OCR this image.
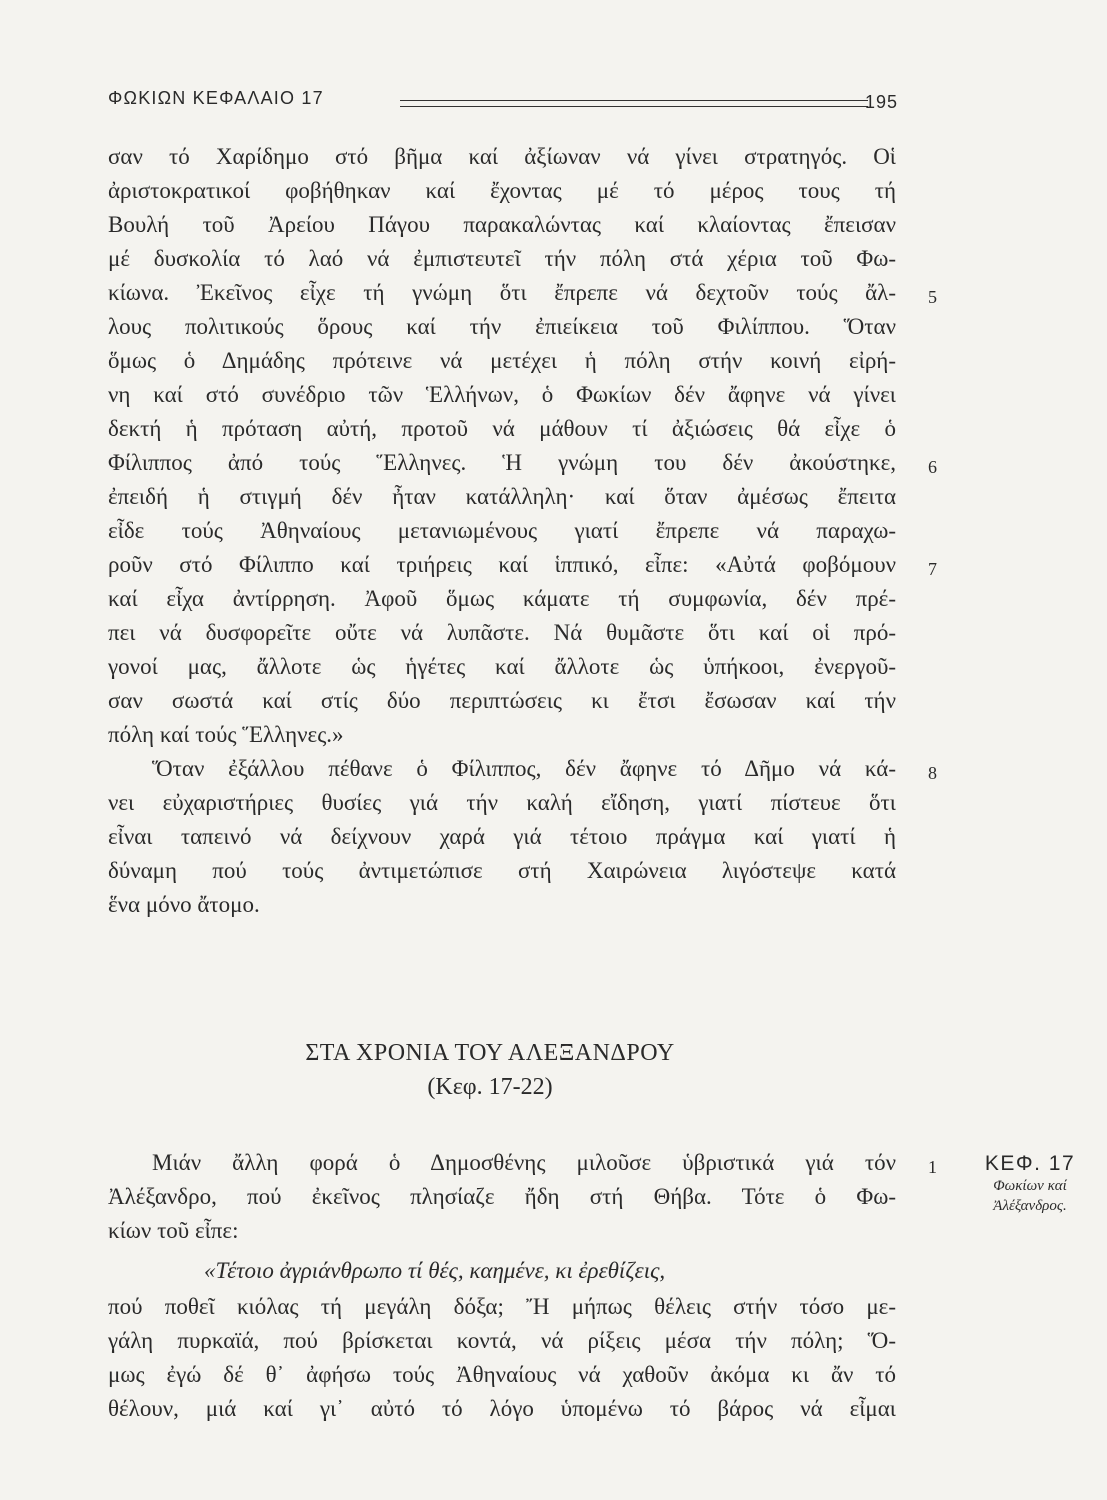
ΦΩΚΙΩΝ ΚΕΦΑΛΑΙΟ 17	195
σαν τό Χαρίδημο στό βῆμα καί ἀξίωναν νά γίνει στρατηγός. Οἱ
ἀριστοκρατικοί φοβήθηκαν καί ἔχοντας μέ τό μέρος τους τή
Βουλή τοῦ Ἀρείου Πάγου παρακαλώντας καί κλαίοντας ἔπεισαν
μέ δυσκολία τό λαό νά ἐμπιστευτεῖ τήν πόλη στά χέρια τοῦ Φω-
κίωνα. Ἐκεῖνος εἶχε τή γνώμη ὅτι ἔπρεπε νά δεχτοῦν τούς ἄλ-
λους πολιτικούς ὅρους καί τήν ἐπιείκεια τοῦ Φιλίππου. Ὅταν
ὅμως ὁ Δημάδης πρότεινε νά μετέχει ἡ πόλη στήν κοινή εἰρή-
νη καί στό συνέδριο τῶν Ἑλλήνων, ὁ Φωκίων δέν ἄφηνε νά γίνει
δεκτή ἡ πρόταση αὐτή, προτοῦ νά μάθουν τί ἀξιώσεις θά εἶχε ὁ
Φίλιππος ἀπό τούς Ἕλληνες. Ἡ γνώμη του δέν ἀκούστηκε,
ἐπειδή ἡ στιγμή δέν ἦταν κατάλληλη· καί ὅταν ἀμέσως ἔπειτα
εἶδε τούς Ἀθηναίους μετανιωμένους γιατί ἔπρεπε νά παραχω-
ροῦν στό Φίλιππο καί τριήρεις καί ἱππικό, εἶπε: «Αὐτά φοβόμουν
καί εἶχα ἀντίρρηση. Ἀφοῦ ὅμως κάματε τή συμφωνία, δέν πρέ-
πει νά δυσφορεῖτε οὔτε νά λυπᾶστε. Νά θυμᾶστε ὅτι καί οἱ πρό-
γονοί μας, ἄλλοτε ὡς ἡγέτες καί ἄλλοτε ὡς ὑπήκοοι, ἐνεργοῦ-
σαν σωστά καί στίς δύο περιπτώσεις κι ἔτσι ἔσωσαν καί τήν
πόλη καί τούς Ἕλληνες.»
Ὅταν ἐξάλλου πέθανε ὁ Φίλιππος, δέν ἄφηνε τό Δῆμο νά κά-
νει εὐχαριστήριες θυσίες γιά τήν καλή εἴδηση, γιατί πίστευε ὅτι
εἶναι ταπεινό νά δείχνουν χαρά γιά τέτοιο πράγμα καί γιατί ἡ
δύναμη πού τούς ἀντιμετώπισε στή Χαιρώνεια λιγόστεψε κατά
ἕνα μόνο ἄτομο.
5
6
7
8
ΣΤΑ ΧΡΟΝΙΑ ΤΟΥ ΑΛΕΞΑΝΔΡΟΥ
(Κεφ. 17-22)
Μιάν ἄλλη φορά ὁ Δημοσθένης μιλοῦσε ὑβριστικά γιά τόν
Ἀλέξανδρο, πού ἐκεῖνος πλησίαζε ἤδη στή Θήβα. Τότε ὁ Φω-
κίων τοῦ εἶπε:
1
«Τέτοιο ἀγριάνθρωπο τί θές, καημένε, κι ἐρεθίζεις,
πού ποθεῖ κιόλας τή μεγάλη δόξα; Ἤ μήπως θέλεις στήν τόσο με-
γάλη πυρκαϊά, πού βρίσκεται κοντά, νά ρίξεις μέσα τήν πόλη; Ὅ-
μως ἐγώ δέ θ᾽ ἀφήσω τούς Ἀθηναίους νά χαθοῦν ἀκόμα κι ἄν τό
θέλουν, μιά καί γι᾽ αὐτό τό λόγο ὑπομένω τό βάρος νά εἶμαι
ΚΕΦ. 17
Φωκίων καί
Ἀλέξανδρος.
